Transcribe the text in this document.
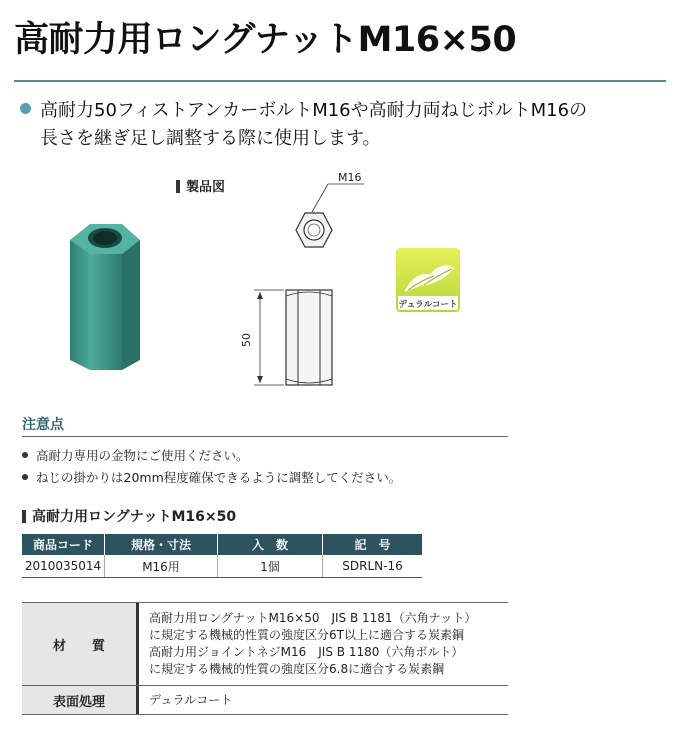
高耐力用ロングナットM16×50
高耐力50フィストアンカーボルトM16や高耐力両ねじボルトM16の
長さを継ぎ足し調整する際に使用します。
製品図
M16
50
デュラルコート
注意点
高耐力専用の金物にご使用ください。
ねじの掛かりは20mm程度確保できるように調整してください。
高耐力用ロングナットM16×50
商品コード	規格・寸法	入　数	記　号
2010035014	M16用	1個	SDRLN-16
材　　質		高耐力用ロングナットM16×50　JIS B 1181（六角ナット）
に規定する機械的性質の強度区分6T以上に適合する炭素鋼
高耐力用ジョイントネジM16　JIS B 1180（六角ボルト）
に規定する機械的性質の強度区分6.8に適合する炭素鋼

表面処理		デュラルコート
